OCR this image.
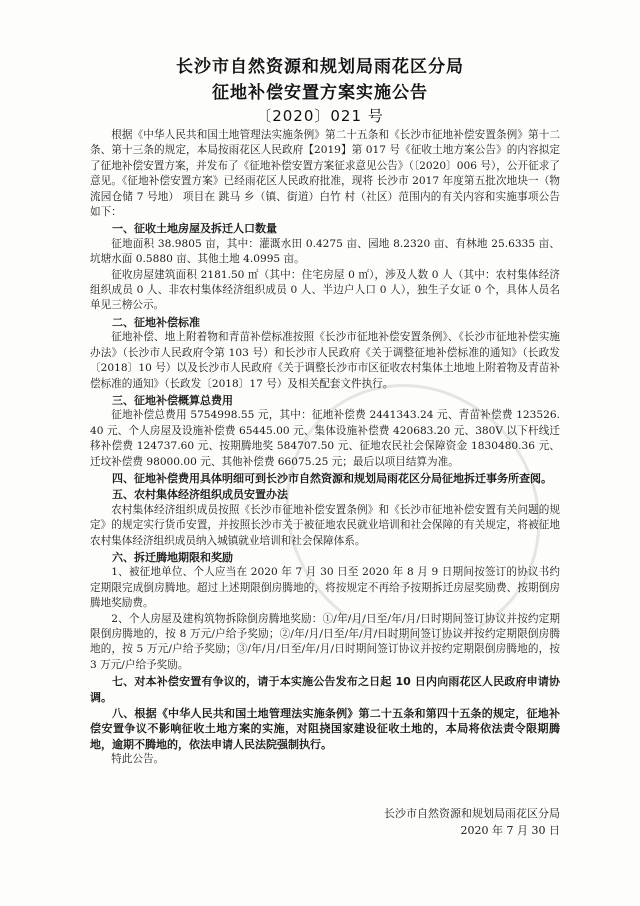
长沙市自然资源和规划局雨花区分局
征地补偿安置方案实施公告
〔2020〕021 号

根据《中华人民共和国土地管理法实施条例》第二十五条和《长沙市征地补偿安置条例》第十二条、第十三条的规定，本局按雨花区人民政府【2019】第 017 号《征收土地方案公告》的内容拟定了征地补偿安置方案，并发布了《征地补偿安置方案征求意见公告》（〔2020〕006 号），公开征求了意见。《征地补偿安置方案》已经雨花区人民政府批准，现将 长沙市 2017 年度第五批次地块一（物流园仓储 7 号地） 项目在 跳马 乡（镇、街道）白竹 村（社区）范围内的有关内容和实施事项公告如下：

一、征收土地房屋及拆迁人口数量

征地面积 38.9805 亩，其中：灌溉水田 0.4275 亩、园地 8.2320 亩、有林地 25.6335 亩、坑塘水面 0.5880 亩、其他土地 4.0995 亩。

征收房屋建筑面积 2181.50 ㎡（其中：住宅房屋 0 ㎡），涉及人数 0 人（其中：农村集体经济组织成员 0 人、非农村集体经济组织成员 0 人、半边户人口 0 人），独生子女证 0 个，具体人员名单见三榜公示。

二、征地补偿标准

征地补偿、地上附着物和青苗补偿标准按照《长沙市征地补偿安置条例》、《长沙市征地补偿实施办法》（长沙市人民政府令第 103 号）和长沙市人民政府《关于调整征地补偿标准的通知》（长政发〔2018〕10 号）以及长沙市人民政府《关于调整长沙市市区征收农村集体土地地上附着物及青苗补偿标准的通知》（长政发〔2018〕17 号）及相关配套文件执行。

三、征地补偿概算总费用

征地补偿总费用 5754998.55 元，其中：征地补偿费 2441343.24 元、青苗补偿费 123526.40 元、个人房屋及设施补偿费 65445.00 元、集体设施补偿费 420683.20 元、380V 以下杆线迁移补偿费 124737.60 元、按期腾地奖 584707.50 元、征地农民社会保障资金 1830480.36 元、迁坟补偿费 98000.00 元、其他补偿费 66075.25 元；最后以项目结算为准。

四、征地补偿费用具体明细可到长沙市自然资源和规划局雨花区分局征地拆迁事务所查阅。
五、农村集体经济组织成员安置办法

农村集体经济组织成员按照《长沙市征地补偿安置条例》和《长沙市征地补偿安置有关问题的规定》的规定实行货币安置，并按照长沙市关于被征地农民就业培训和社会保障的有关规定，将被征地农村集体经济组织成员纳入城镇就业培训和社会保障体系。

六、拆迁腾地期限和奖励

1、被征地单位、个人应当在 2020 年 7 月 30 日至 2020 年 8 月 9 日期间按签订的协议书约定期限完成倒房腾地。超过上述期限倒房腾地的，将按规定不再给予按期拆迁房屋奖励费、按期倒房腾地奖励费。

2、个人房屋及建构筑物拆除倒房腾地奖励：①/年/月/日至/年/月/日时期间签订协议并按约定期限倒房腾地的，按 8 万元/户给予奖励；②/年/月/日至/年/月/日时期间签订协议并按约定期限倒房腾地的，按 5 万元/户给予奖励；③/年/月/日至/年/月/日时期间签订协议并按约定期限倒房腾地的，按 3 万元/户给予奖励。

七、对本补偿安置有争议的，请于本实施公告发布之日起 10 日内向雨花区人民政府申请协调。
八、根据《中华人民共和国土地管理法实施条例》第二十五条和第四十五条的规定，征地补偿安置争议不影响征收土地方案的实施，对阻挠国家建设征收土地的，本局将依法责令限期腾地，逾期不腾地的，依法申请人民法院强制执行。

特此公告。

长沙市自然资源和规划局雨花区分局
2020 年 7 月 30 日
